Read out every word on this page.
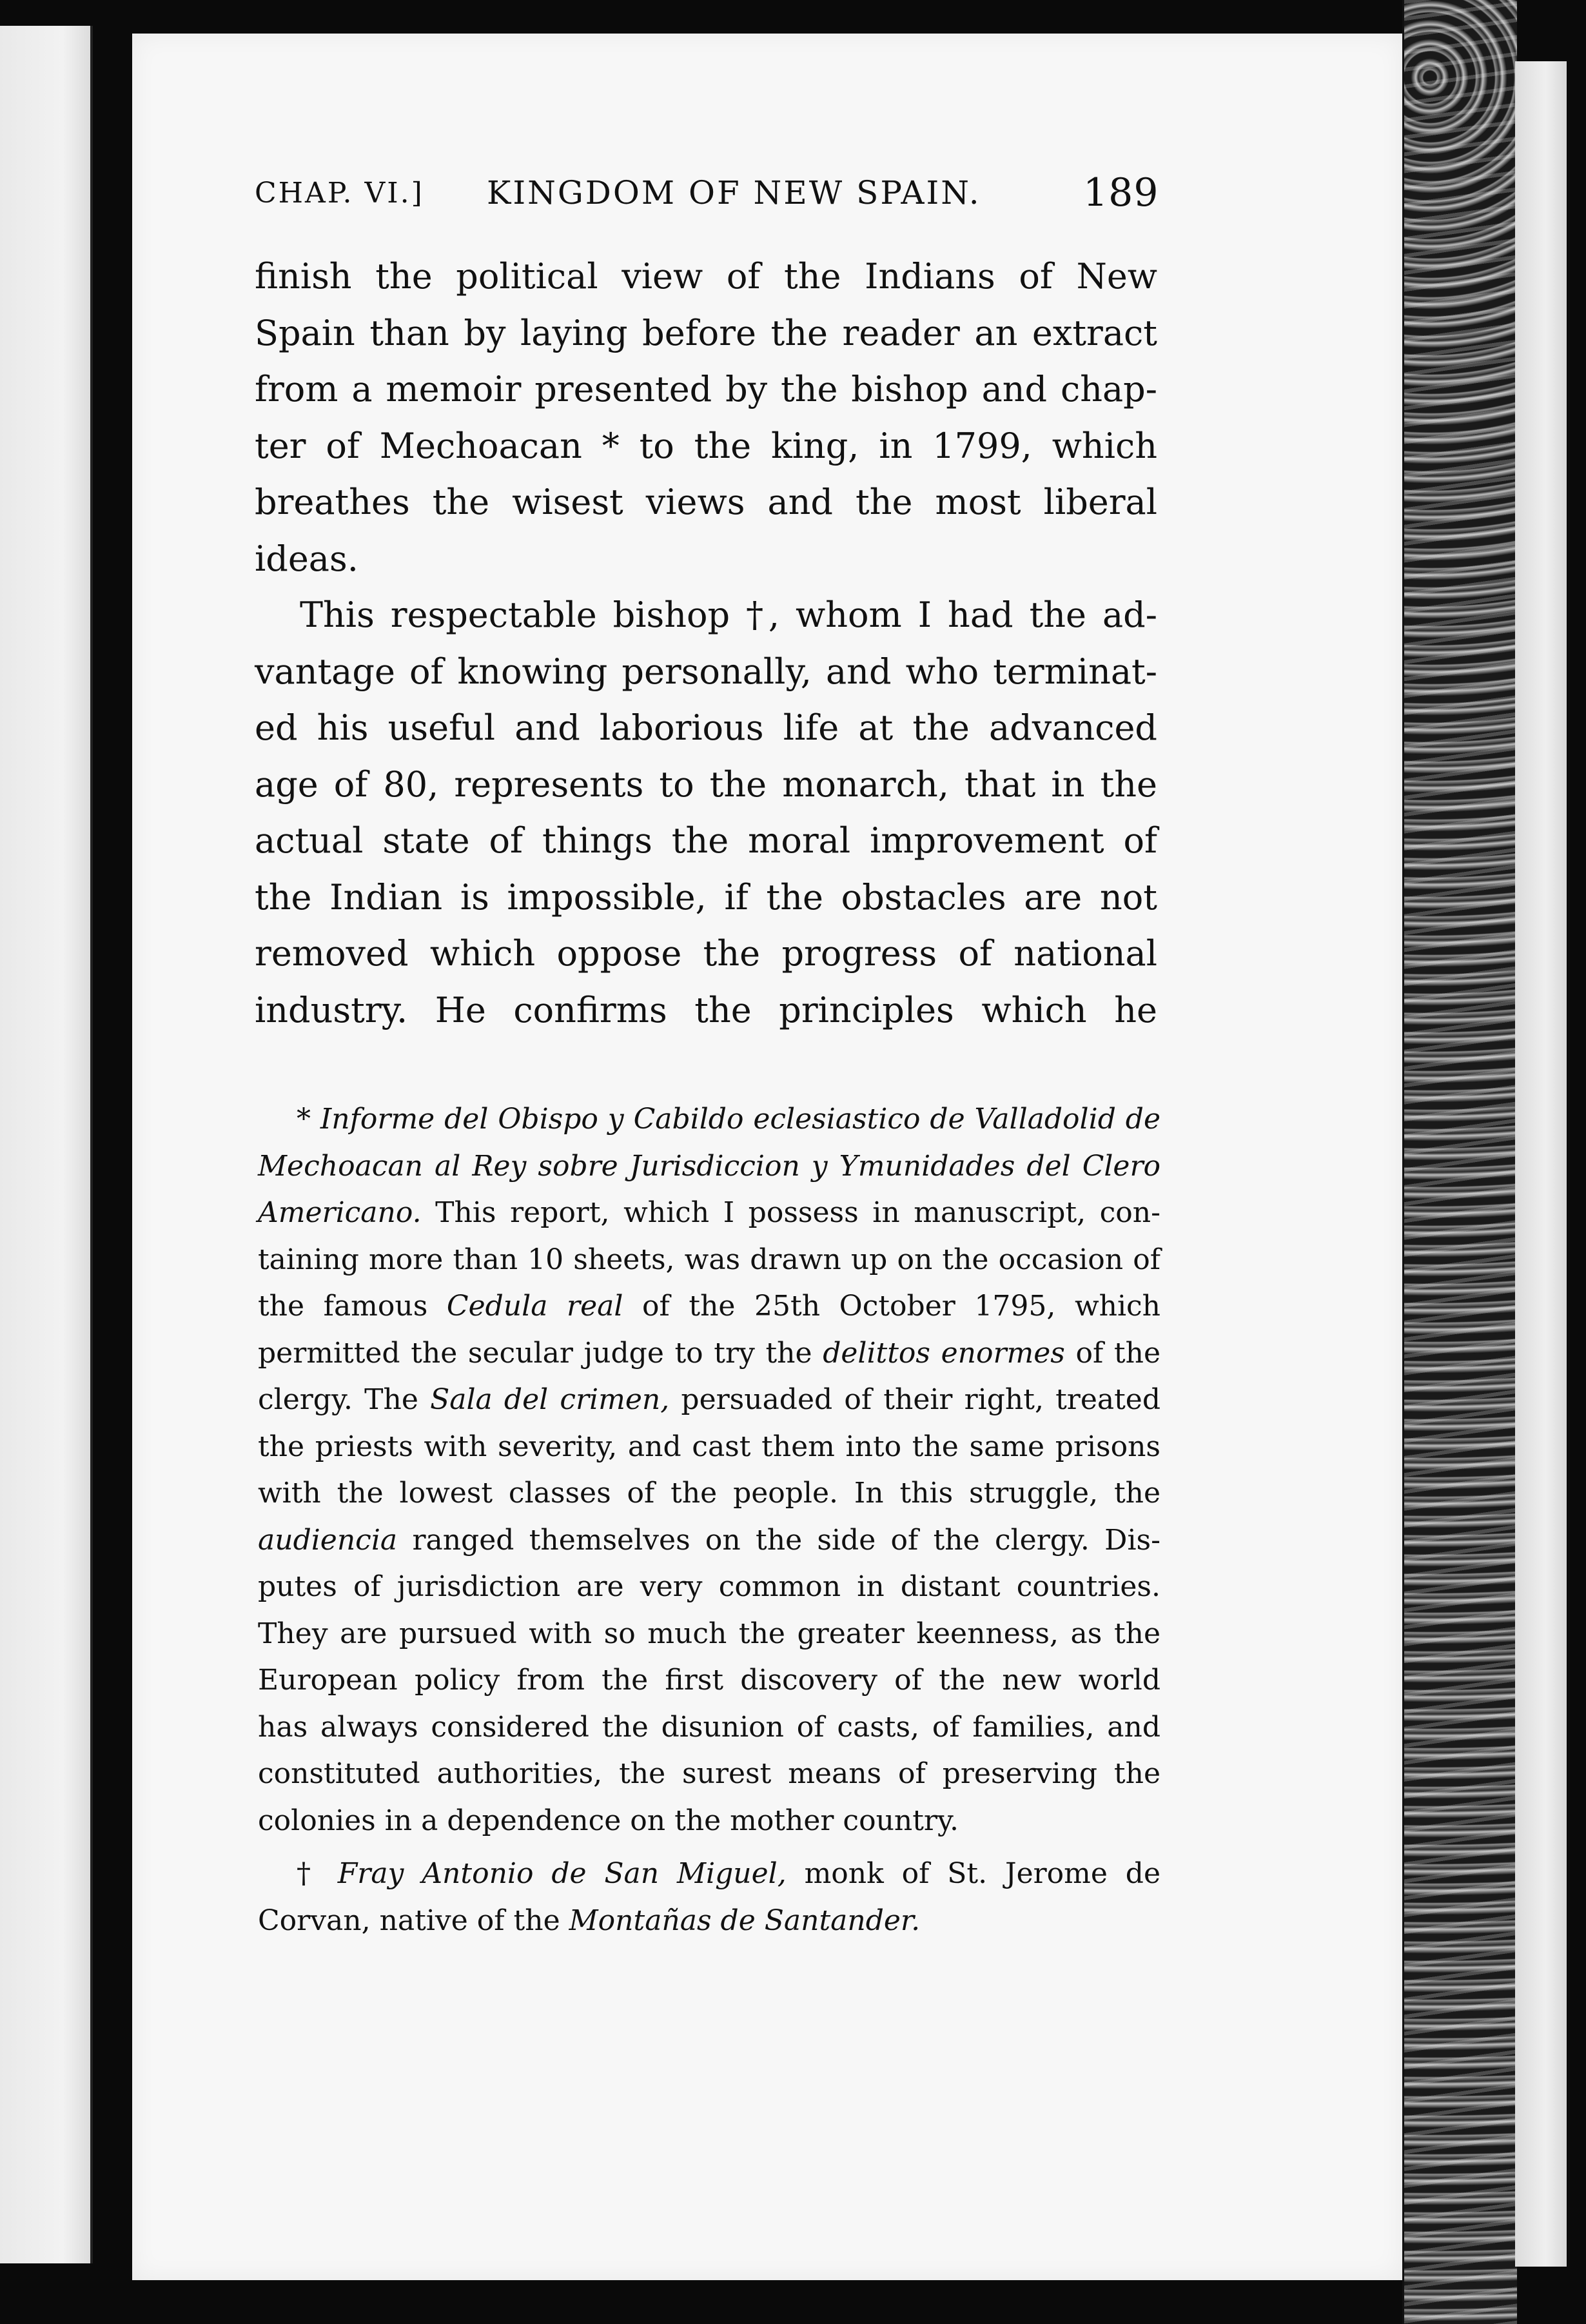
CHAP. VI.] KINGDOM OF NEW SPAIN.	189
finish the political view of the Indians of New
Spain than by laying before the reader an extract
from a memoir presented by the bishop and chap-
ter of Mechoacan * to the king, in 1799, which
breathes the wisest views and the most liberal
ideas.
This respectable bishop †, whom I had the ad-
vantage of knowing personally, and who terminat-
ed his useful and laborious life at the advanced
age of 80, represents to the monarch, that in the
actual state of things the moral improvement of
the Indian is impossible, if the obstacles are not
removed which oppose the progress of national
industry. He confirms the principles which he
* Informe del Obispo y Cabildo eclesiastico de Valladolid de
Mechoacan al Rey sobre Jurisdiccion y Ymunidades del Clero
Americano. This report, which I possess in manuscript, con-
taining more than 10 sheets, was drawn up on the occasion of
the famous Cedula real of the 25th October 1795, which
permitted the secular judge to try the delittos enormes of the
clergy. The Sala del crimen, persuaded of their right, treated
the priests with severity, and cast them into the same prisons
with the lowest classes of the people. In this struggle, the
audiencia ranged themselves on the side of the clergy. Dis-
putes of jurisdiction are very common in distant countries.
They are pursued with so much the greater keenness, as the
European policy from the first discovery of the new world
has always considered the disunion of casts, of families, and
constituted authorities, the surest means of preserving the
colonies in a dependence on the mother country.
† Fray Antonio de San Miguel, monk of St. Jerome de
Corvan, native of the Montañas de Santander.
